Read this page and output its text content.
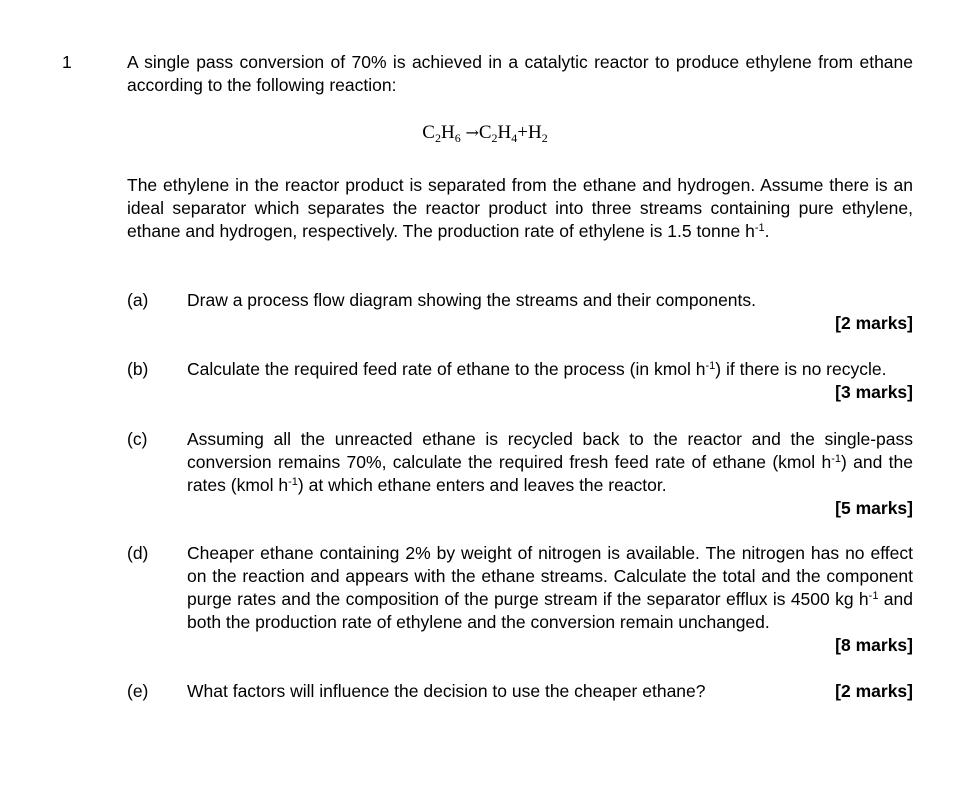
1	A single pass conversion of 70% is achieved in a catalytic reactor to produce ethylene from ethane according to the following reaction:
$C_2H_6 \to C_2H_4+H_2$
The ethylene in the reactor product is separated from the ethane and hydrogen. Assume there is an ideal separator which separates the reactor product into three streams containing pure ethylene, ethane and hydrogen, respectively. The production rate of ethylene is 1.5 tonne $h^{-1}$.
(a) Draw a process flow diagram showing the streams and their components.
[2 marks]
(b) Calculate the required feed rate of ethane to the process (in kmol $h^{-1}$) if there is no recycle.
[3 marks]
(c) Assuming all the unreacted ethane is recycled back to the reactor and the single-pass conversion remains 70%, calculate the required fresh feed rate of ethane (kmol $h^{-1}$) and the rates (kmol $h^{-1}$) at which ethane enters and leaves the reactor.
[5 marks]
(d) Cheaper ethane containing 2% by weight of nitrogen is available. The nitrogen has no effect on the reaction and appears with the ethane streams. Calculate the total and the component purge rates and the composition of the purge stream if the separator efflux is 4500 kg $h^{-1}$ and both the production rate of ethylene and the conversion remain unchanged.
[8 marks]
(e) What factors will influence the decision to use the cheaper ethane?	[2 marks]
